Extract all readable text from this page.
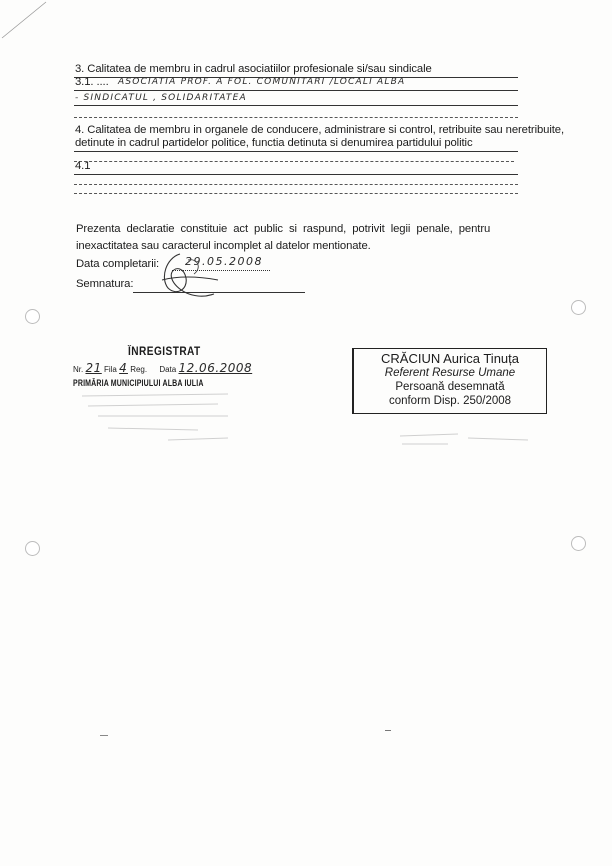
3. Calitatea de membru in cadrul asociatiilor profesionale si/sau sindicale
3.1. .... ASOCIATIA PROF. A FOL. COMUNITARI /LOCALI ALBA
- SINDICATUL , SOLIDARITATEA
4. Calitatea de membru in organele de conducere, administrare si control, retribuite sau neretribuite,
detinute in cadrul partidelor politice, functia detinuta si denumirea partidului politic
4.1
Prezenta declaratie constituie act public si raspund, potrivit legii penale, pentru
inexactitatea sau caracterul incomplet al datelor mentionate.
Data completarii: 29.05.2008
Semnatura:
ÎNREGISTRAT
Nr. 21 Fila 4 Reg. Data 12.06.2008
PRIMĂRIA MUNICIPIULUI ALBA IULIA
CRĂCIUN Aurica Tinuța
Referent Resurse Umane
Persoană desemnată
conform Disp. 250/2008
